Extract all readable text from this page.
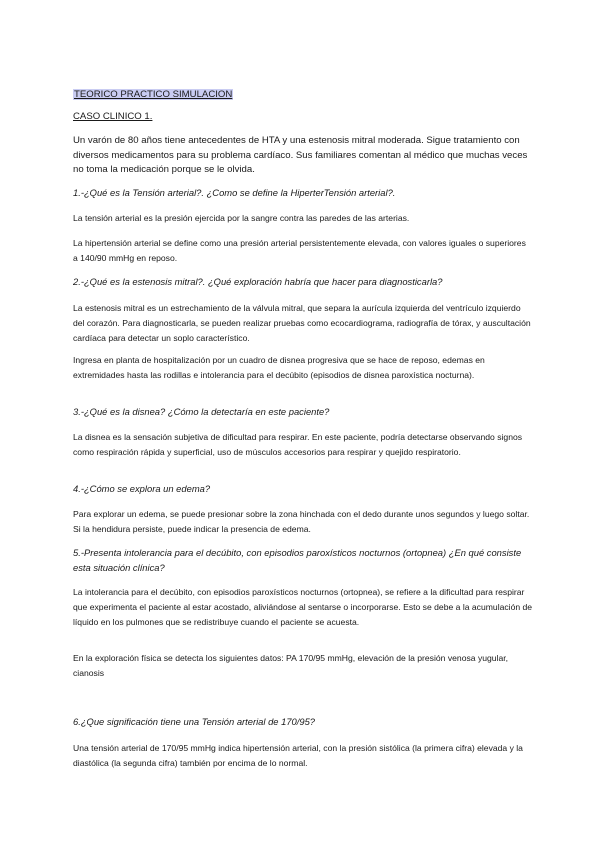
TEORICO PRACTICO SIMULACION

CASO CLINICO 1.

Un varón de 80 años tiene antecedentes de HTA y una estenosis mitral moderada. Sigue tratamiento con diversos medicamentos para su problema cardíaco. Sus familiares comentan al médico que muchas veces no toma la medicación porque se le olvida.

1.-¿Qué es la Tensión arterial?. ¿Como se define la HiperterTensión arterial?.

La tensión arterial es la presión ejercida por la sangre contra las paredes de las arterias.

La hipertensión arterial se define como una presión arterial persistentemente elevada, con valores iguales o superiores a 140/90 mmHg en reposo.

2.-¿Qué es la estenosis mitral?. ¿Qué exploración habría que hacer para diagnosticarla?

La estenosis mitral es un estrechamiento de la válvula mitral, que separa la aurícula izquierda del ventrículo izquierdo del corazón. Para diagnosticarla, se pueden realizar pruebas como ecocardiograma, radiografía de tórax, y auscultación cardíaca para detectar un soplo característico.

Ingresa en planta de hospitalización por un cuadro de disnea progresiva que se hace de reposo, edemas en extremidades hasta las rodillas e intolerancia para el decúbito (episodios de disnea paroxística nocturna).

3.-¿Qué es la disnea? ¿Cómo la detectaría en este paciente?

La disnea es la sensación subjetiva de dificultad para respirar. En este paciente, podría detectarse observando signos como respiración rápida y superficial, uso de músculos accesorios para respirar y quejido respiratorio.

4.-¿Cómo se explora un edema?

Para explorar un edema, se puede presionar sobre la zona hinchada con el dedo durante unos segundos y luego soltar. Si la hendidura persiste, puede indicar la presencia de edema.

5.-Presenta intolerancia para el decúbito, con episodios paroxísticos nocturnos (ortopnea) ¿En qué consiste esta situación clínica?

La intolerancia para el decúbito, con episodios paroxísticos nocturnos (ortopnea), se refiere a la dificultad para respirar que experimenta el paciente al estar acostado, aliviándose al sentarse o incorporarse. Esto se debe a la acumulación de líquido en los pulmones que se redistribuye cuando el paciente se acuesta.

En la exploración física se detecta los siguientes datos: PA 170/95 mmHg, elevación de la presión venosa yugular, cianosis

6.¿Que significación tiene una Tensión arterial de 170/95?

Una tensión arterial de 170/95 mmHg indica hipertensión arterial, con la presión sistólica (la primera cifra) elevada y la diastólica (la segunda cifra) también por encima de lo normal.
